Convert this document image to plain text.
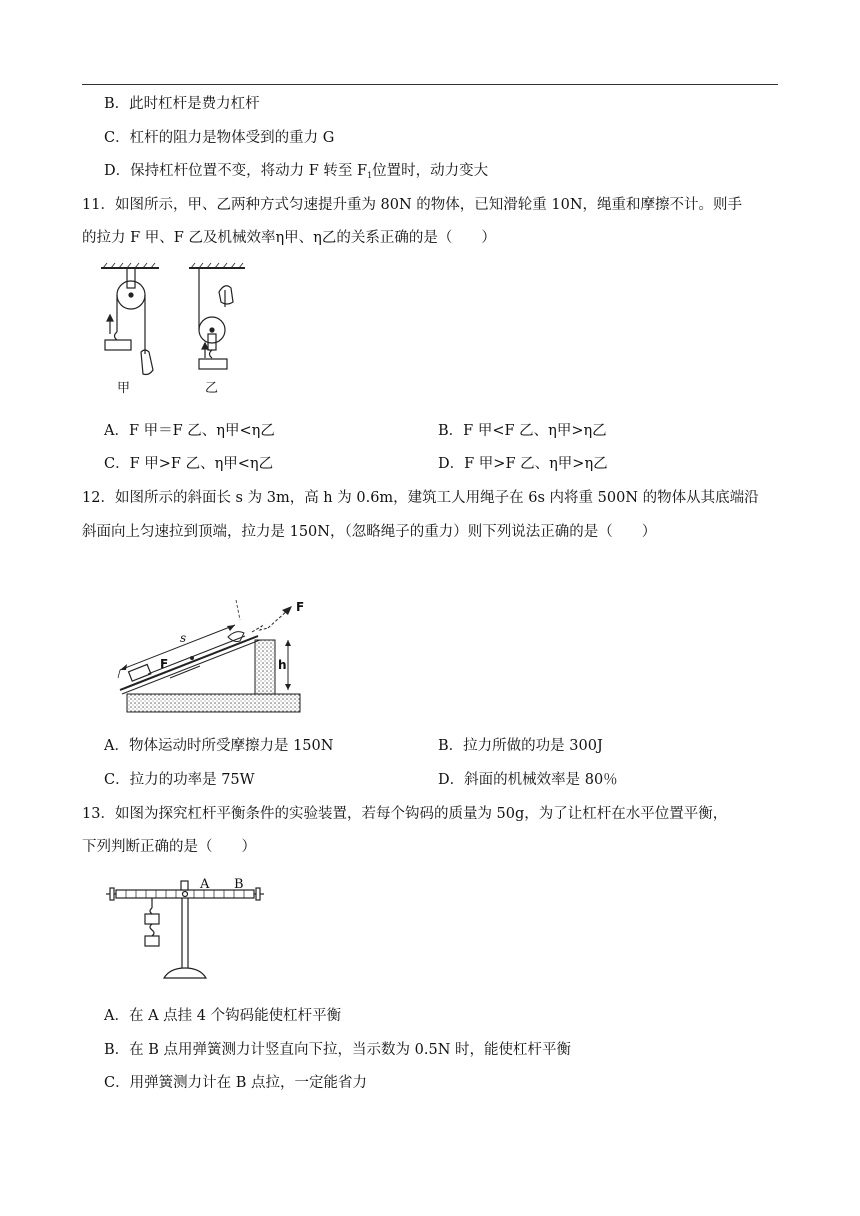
B．此时杠杆是费力杠杆
C．杠杆的阻力是物体受到的重力 G
D．保持杠杆位置不变，将动力 F 转至 $F_1$位置时，动力变大
11．如图所示，甲、乙两种方式匀速提升重为 80N 的物体，已知滑轮重 10N，绳重和摩擦不计。则手
的拉力 F 甲、F 乙及机械效率η甲、η乙的关系正确的是（　　）
甲	乙
A．F 甲＝F 乙、η甲<η乙	B．F 甲<F 乙、η甲>η乙
C．F 甲>F 乙、η甲<η乙	D．F 甲>F 乙、η甲>η乙
12．如图所示的斜面长 s 为 3m，高 h 为 0.6m，建筑工人用绳子在 6s 内将重 500N 的物体从其底端沿
斜面向上匀速拉到顶端，拉力是 150N，（忽略绳子的重力）则下列说法正确的是（　　）
h
s
F
F
A．物体运动时所受摩擦力是 150N	B．拉力所做的功是 300J
C．拉力的功率是 75W	D．斜面的机械效率是 80％
13．如图为探究杠杆平衡条件的实验装置，若每个钩码的质量为 50g，为了让杠杆在水平位置平衡，
下列判断正确的是（　　）
A B
A．在 A 点挂 4 个钩码能使杠杆平衡
B．在 B 点用弹簧测力计竖直向下拉，当示数为 0.5N 时，能使杠杆平衡
C．用弹簧测力计在 B 点拉，一定能省力
